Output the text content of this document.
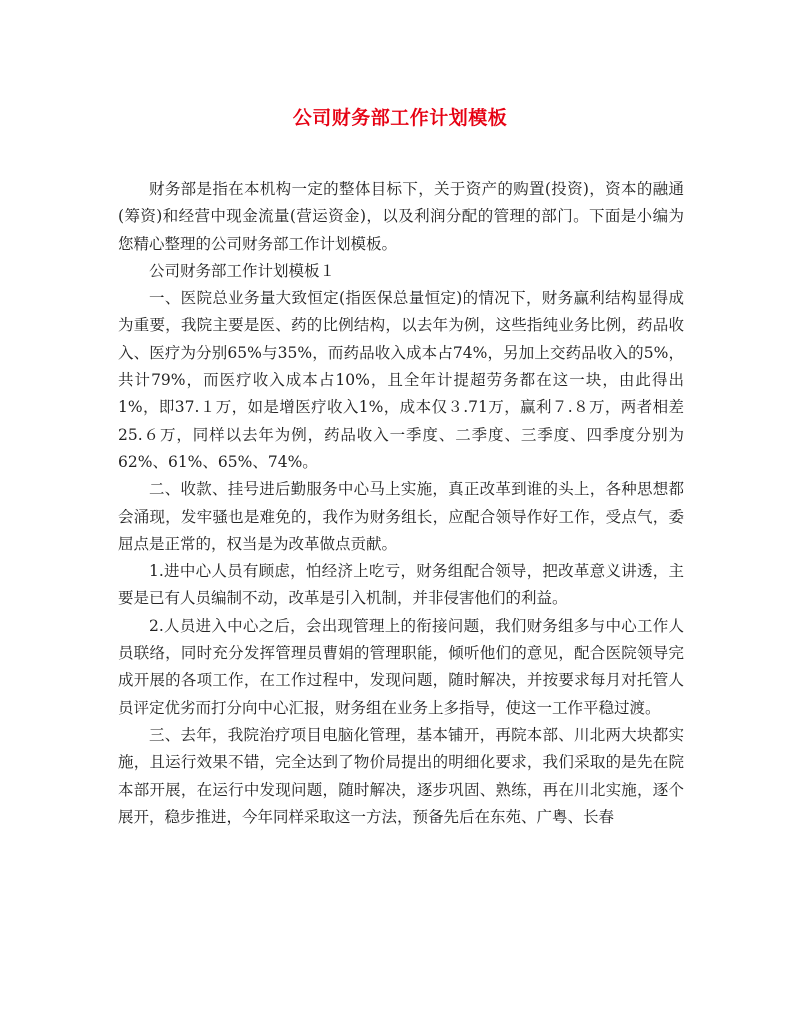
公司财务部工作计划模板

财务部是指在本机构一定的整体目标下，关于资产的购置(投资)，资本的融通(筹资)和经营中现金流量(营运资金)，以及利润分配的管理的部门。下面是小编为您精心整理的公司财务部工作计划模板。

公司财务部工作计划模板１

一、医院总业务量大致恒定(指医保总量恒定)的情况下，财务赢利结构显得成为重要，我院主要是医、药的比例结构，以去年为例，这些指纯业务比例，药品收入、医疗为分别65%与35%，而药品收入成本占74%，另加上交药品收入的5%，共计79%，而医疗收入成本占10%，且全年计提超劳务都在这一块，由此得出1%，即37.１万，如是增医疗收入1%，成本仅３.71万，赢利７.８万，两者相差25.６万，同样以去年为例，药品收入一季度、二季度、三季度、四季度分别为62%、61%、65%、74%。

二、收款、挂号进后勤服务中心马上实施，真正改革到谁的头上，各种思想都会涌现，发牢骚也是难免的，我作为财务组长，应配合领导作好工作，受点气，委屈点是正常的，权当是为改革做点贡献。

1.进中心人员有顾虑，怕经济上吃亏，财务组配合领导，把改革意义讲透，主要是已有人员编制不动，改革是引入机制，并非侵害他们的利益。

2.人员进入中心之后，会出现管理上的衔接问题，我们财务组多与中心工作人员联络，同时充分发挥管理员曹娟的管理职能，倾听他们的意见，配合医院领导完成开展的各项工作，在工作过程中，发现问题，随时解决，并按要求每月对托管人员评定优劣而打分向中心汇报，财务组在业务上多指导，使这一工作平稳过渡。

三、去年，我院治疗项目电脑化管理，基本铺开，再院本部、川北两大块都实施，且运行效果不错，完全达到了物价局提出的明细化要求，我们采取的是先在院本部开展，在运行中发现问题，随时解决，逐步巩固、熟练，再在川北实施，逐个展开，稳步推进，今年同样采取这一方法，预备先后在东苑、广粤、长春
